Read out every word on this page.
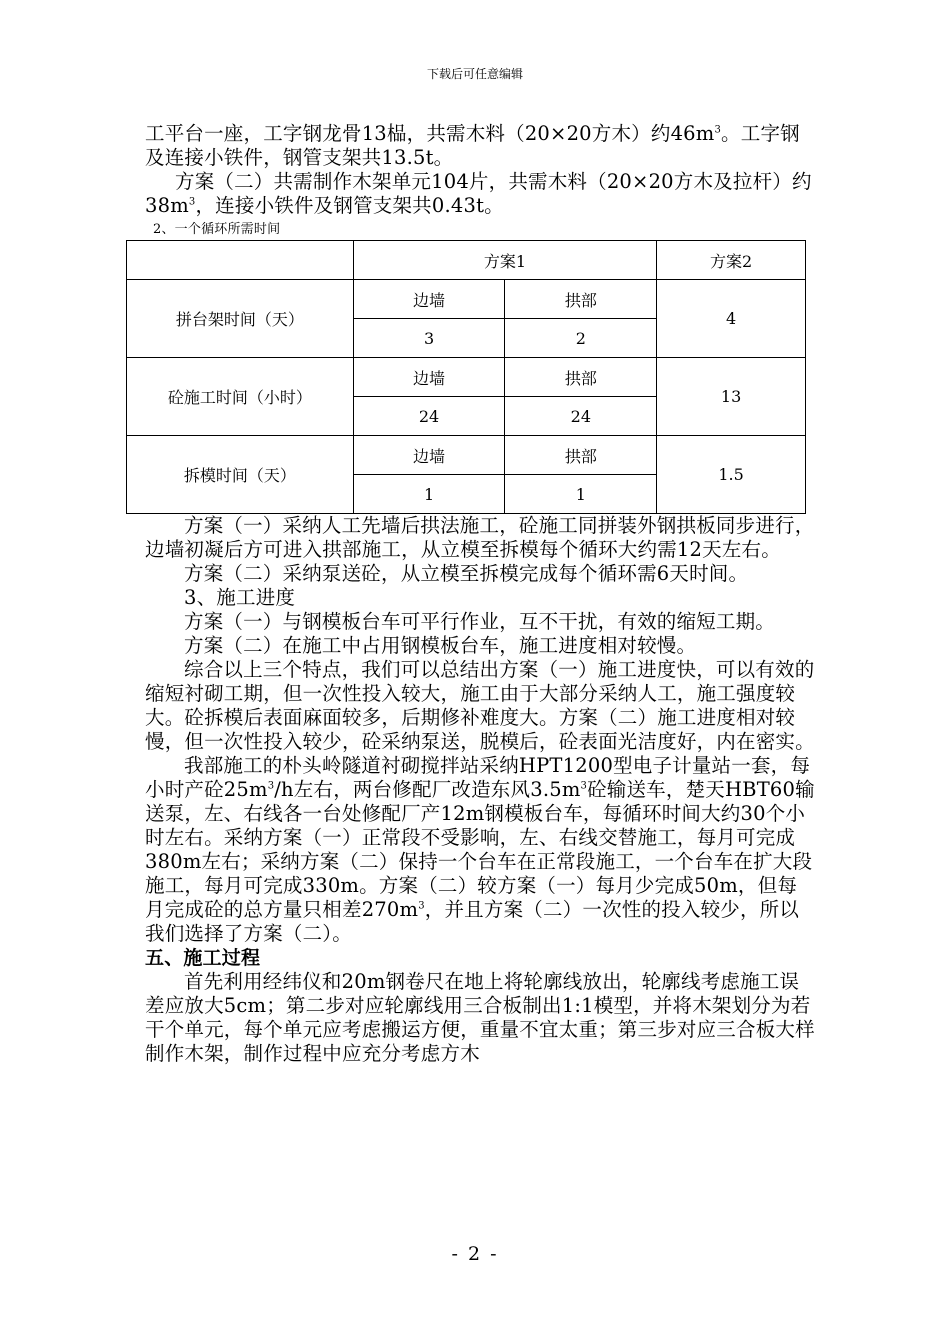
下载后可任意编辑

工平台一座，工字钢龙骨13榀，共需木料（20×20方木）约$46m^3$。工字钢及连接小铁件，钢管支架共13.5t。

方案（二）共需制作木架单元104片，共需木料（20×20方木及拉杆）约$38m^3$，连接小铁件及钢管支架共0.43t。

2、一个循环所需时间

	方案1		方案2
拼台架时间（天）	边墙	拱部	4
	3	2	
砼施工时间（小时）	边墙	拱部	13
	24	24	
拆模时间（天）	边墙	拱部	1.5
	1	1	

方案（一）采纳人工先墙后拱法施工，砼施工同拼装外钢拱板同步进行，边墙初凝后方可进入拱部施工，从立模至拆模每个循环大约需12天左右。

方案（二）采纳泵送砼，从立模至拆模完成每个循环需6天时间。

3、施工进度

方案（一）与钢模板台车可平行作业，互不干扰，有效的缩短工期。

方案（二）在施工中占用钢模板台车，施工进度相对较慢。

综合以上三个特点，我们可以总结出方案（一）施工进度快，可以有效的缩短衬砌工期，但一次性投入较大，施工由于大部分采纳人工，施工强度较大。砼拆模后表面麻面较多，后期修补难度大。方案（二）施工进度相对较慢，但一次性投入较少，砼采纳泵送，脱模后，砼表面光洁度好，内在密实。

我部施工的朴头岭隧道衬砌搅拌站采纳HPT1200型电子计量站一套，每小时产砼$25m^3/h$左右，两台修配厂改造东风$3.5m^3$砼输送车，楚天HBT60输送泵，左、右线各一台处修配厂产12m钢模板台车，每循环时间大约30个小时左右。采纳方案（一）正常段不受影响，左、右线交替施工，每月可完成380m左右；采纳方案（二）保持一个台车在正常段施工，一个台车在扩大段施工，每月可完成330m。方案（二）较方案（一）每月少完成50m，但每月完成砼的总方量只相差$270m^3$，并且方案（二）一次性的投入较少，所以我们选择了方案（二）。

五、施工过程

首先利用经纬仪和20m钢卷尺在地上将轮廓线放出，轮廓线考虑施工误差应放大5cm；第二步对应轮廓线用三合板制出1:1模型，并将木架划分为若干个单元，每个单元应考虑搬运方便，重量不宜太重；第三步对应三合板大样制作木架，制作过程中应充分考虑方木

- 2 -
